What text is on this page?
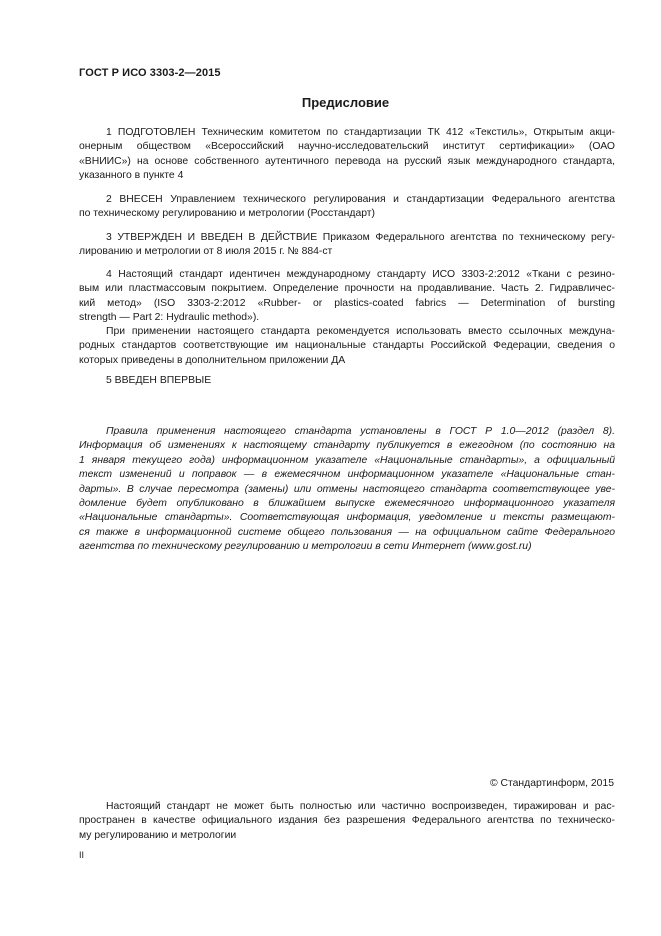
ГОСТ Р ИСО 3303-2—2015
Предисловие
1 ПОДГОТОВЛЕН Техническим комитетом по стандартизации ТК 412 «Текстиль», Открытым акци-
онерным обществом «Всероссийский научно-исследовательский институт сертификации» (ОАО
«ВНИИС») на основе собственного аутентичного перевода на русский язык международного стандарта,
указанного в пункте 4
2 ВНЕСЕН Управлением технического регулирования и стандартизации Федерального агентства
по техническому регулированию и метрологии (Росстандарт)
3 УТВЕРЖДЕН И ВВЕДЕН В ДЕЙСТВИЕ Приказом Федерального агентства по техническому регу-
лированию и метрологии от 8 июля 2015 г. № 884-ст
4 Настоящий стандарт идентичен международному стандарту ИСО 3303-2:2012 «Ткани с резино-
вым или пластмассовым покрытием. Определение прочности на продавливание. Часть 2. Гидравличес-
кий метод» (ISO 3303-2:2012 «Rubber- or plastics-coated fabrics — Determination of bursting
strength — Part 2: Hydraulic method»).
При применении настоящего стандарта рекомендуется использовать вместо ссылочных междуна-
родных стандартов соответствующие им национальные стандарты Российской Федерации, сведения о
которых приведены в дополнительном приложении ДА
5 ВВЕДЕН ВПЕРВЫЕ
Правила применения настоящего стандарта установлены в ГОСТ Р 1.0—2012 (раздел 8).
Информация об изменениях к настоящему стандарту публикуется в ежегодном (по состоянию на
1 января текущего года) информационном указателе «Национальные стандарты», а официальный
текст изменений и поправок — в ежемесячном информационном указателе «Национальные стан-
дарты». В случае пересмотра (замены) или отмены настоящего стандарта соответствующее уве-
домление будет опубликовано в ближайшем выпуске ежемесячного информационного указателя
«Национальные стандарты». Соответствующая информация, уведомление и тексты размещают-
ся также в информационной системе общего пользования — на официальном сайте Федерального
агентства по техническому регулированию и метрологии в сети Интернет (www.gost.ru)
© Стандартинформ, 2015
Настоящий стандарт не может быть полностью или частично воспроизведен, тиражирован и рас-
пространен в качестве официального издания без разрешения Федерального агентства по техническо-
му регулированию и метрологии
II
